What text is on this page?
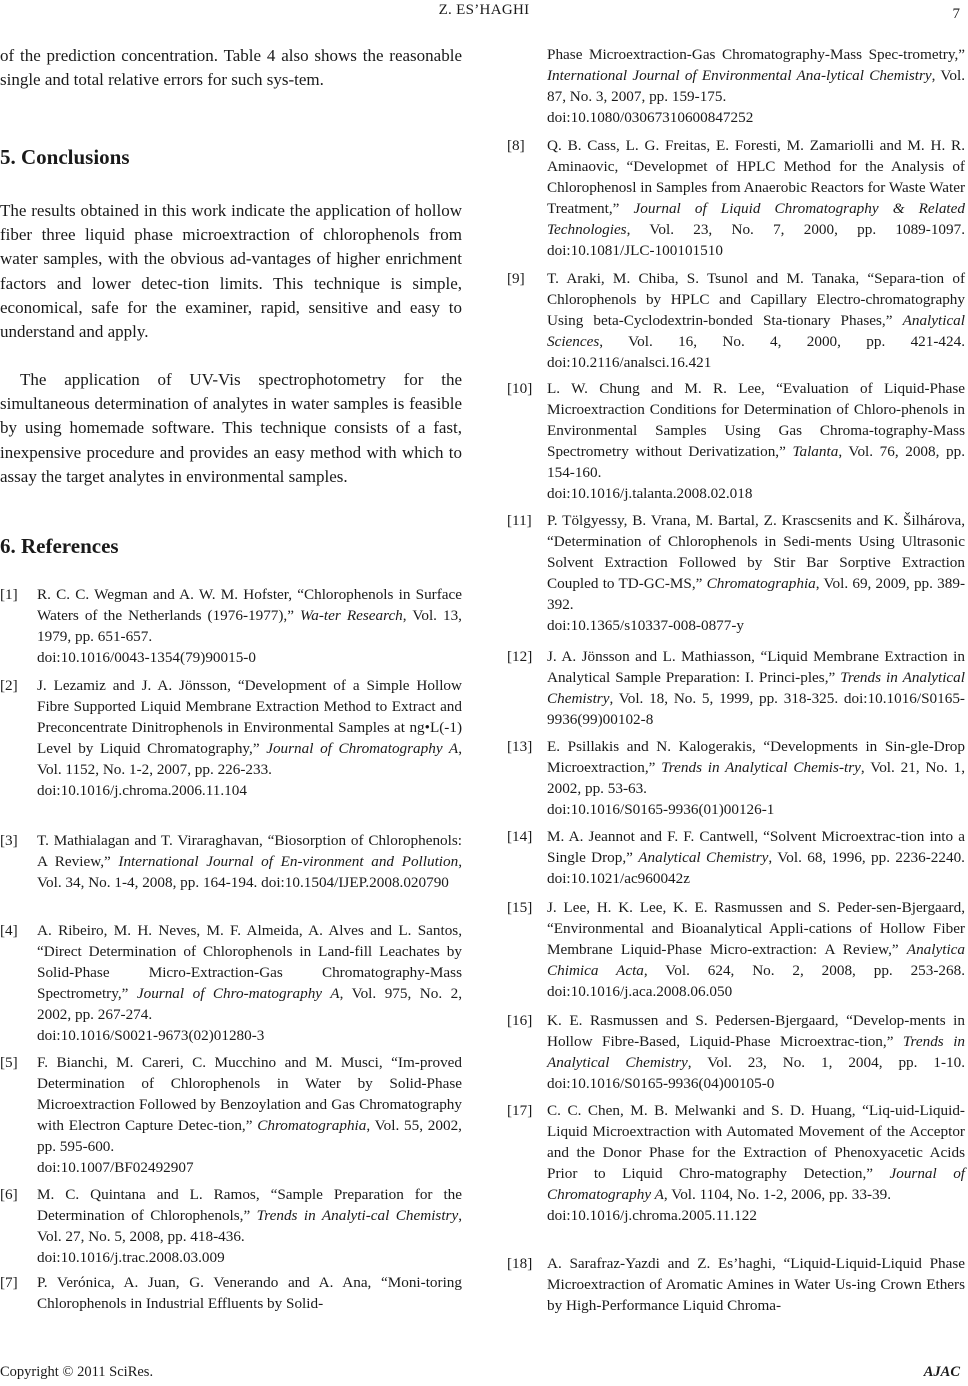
Z. ES’HAGHI	7

of the prediction concentration. Table 4 also shows the reasonable single and total relative errors for such sys-tem.

5. Conclusions

The results obtained in this work indicate the application of hollow fiber three liquid phase microextraction of chlorophenols from water samples, with the obvious ad-vantages of higher enrichment factors and lower detec-tion limits. This technique is simple, economical, safe for the examiner, rapid, sensitive and easy to understand and apply.

The application of UV-Vis spectrophotometry for the simultaneous determination of analytes in water samples is feasible by using homemade software. This technique consists of a fast, inexpensive procedure and provides an easy method with which to assay the target analytes in environmental samples.

6. References
[1] R. C. C. Wegman and A. W. M. Hofster, “Chlorophenols in Surface Waters of the Netherlands (1976-1977),” Wa-ter Research, Vol. 13, 1979, pp. 651-657.
doi:10.1016/0043-1354(79)90015-0
[2] J. Lezamiz and J. A. Jönsson, “Development of a Simple Hollow Fibre Supported Liquid Membrane Extraction Method to Extract and Preconcentrate Dinitrophenols in Environmental Samples at ng•L(-1) Level by Liquid Chromatography,” Journal of Chromatography A, Vol. 1152, No. 1-2, 2007, pp. 226-233.
doi:10.1016/j.chroma.2006.11.104
[3] T. Mathialagan and T. Viraraghavan, “Biosorption of Chlorophenols: A Review,” International Journal of En-vironment and Pollution, Vol. 34, No. 1-4, 2008, pp. 164-194. doi:10.1504/IJEP.2008.020790
[4] A. Ribeiro, M. H. Neves, M. F. Almeida, A. Alves and L. Santos, “Direct Determination of Chlorophenols in Land-fill Leachates by Solid-Phase Micro-Extraction-Gas Chromatography-Mass Spectrometry,” Journal of Chro-matography A, Vol. 975, No. 2, 2002, pp. 267-274.
doi:10.1016/S0021-9673(02)01280-3
[5] F. Bianchi, M. Careri, C. Mucchino and M. Musci, “Im-proved Determination of Chlorophenols in Water by Solid-Phase Microextraction Followed by Benzoylation and Gas Chromatography with Electron Capture Detec-tion,” Chromatographia, Vol. 55, 2002, pp. 595-600.
doi:10.1007/BF02492907
[6] M. C. Quintana and L. Ramos, “Sample Preparation for the Determination of Chlorophenols,” Trends in Analyti-cal Chemistry, Vol. 27, No. 5, 2008, pp. 418-436.
doi:10.1016/j.trac.2008.03.009
[7] P. Verónica, A. Juan, G. Venerando and A. Ana, “Moni-toring Chlorophenols in Industrial Effluents by Solid-
Phase Microextraction-Gas Chromatography-Mass Spec-trometry,” International Journal of Environmental Ana-lytical Chemistry, Vol. 87, No. 3, 2007, pp. 159-175.
doi:10.1080/03067310600847252
[8] Q. B. Cass, L. G. Freitas, E. Foresti, M. Zamariolli and M. H. R. Aminaovic, “Developmet of HPLC Method for the Analysis of Chlorophenosl in Samples from Anaerobic Reactors for Waste Water Treatment,” Journal of Liquid Chromatography & Related Technologies, Vol. 23, No. 7, 2000, pp. 1089-1097. doi:10.1081/JLC-100101510
[9] T. Araki, M. Chiba, S. Tsunol and M. Tanaka, “Separa-tion of Chlorophenols by HPLC and Capillary Electro-chromatography Using beta-Cyclodextrin-bonded Sta-tionary Phases,” Analytical Sciences, Vol. 16, No. 4, 2000, pp. 421-424. doi:10.2116/analsci.16.421
[10] L. W. Chung and M. R. Lee, “Evaluation of Liquid-Phase Microextraction Conditions for Determination of Chloro-phenols in Environmental Samples Using Gas Chroma-tography-Mass Spectrometry without Derivatization,” Talanta, Vol. 76, 2008, pp. 154-160.
doi:10.1016/j.talanta.2008.02.018
[11] P. Tölgyessy, B. Vrana, M. Bartal, Z. Krascsenits and K. Šilhárova, “Determination of Chlorophenols in Sedi-ments Using Ultrasonic Solvent Extraction Followed by Stir Bar Sorptive Extraction Coupled to TD-GC-MS,” Chromatographia, Vol. 69, 2009, pp. 389-392.
doi:10.1365/s10337-008-0877-y
[12] J. A. Jönsson and L. Mathiasson, “Liquid Membrane Extraction in Analytical Sample Preparation: I. Princi-ples,” Trends in Analytical Chemistry, Vol. 18, No. 5, 1999, pp. 318-325. doi:10.1016/S0165-9936(99)00102-8
[13] E. Psillakis and N. Kalogerakis, “Developments in Sin-gle-Drop Microextraction,” Trends in Analytical Chemis-try, Vol. 21, No. 1, 2002, pp. 53-63.
doi:10.1016/S0165-9936(01)00126-1
[14] M. A. Jeannot and F. F. Cantwell, “Solvent Microextrac-tion into a Single Drop,” Analytical Chemistry, Vol. 68, 1996, pp. 2236-2240. doi:10.1021/ac960042z
[15] J. Lee, H. K. Lee, K. E. Rasmussen and S. Peder-sen-Bjergaard, “Environmental and Bioanalytical Appli-cations of Hollow Fiber Membrane Liquid-Phase Micro-extraction: A Review,” Analytica Chimica Acta, Vol. 624, No. 2, 2008, pp. 253-268. doi:10.1016/j.aca.2008.06.050
[16] K. E. Rasmussen and S. Pedersen-Bjergaard, “Develop-ments in Hollow Fibre-Based, Liquid-Phase Microextrac-tion,” Trends in Analytical Chemistry, Vol. 23, No. 1, 2004, pp. 1-10. doi:10.1016/S0165-9936(04)00105-0
[17] C. C. Chen, M. B. Melwanki and S. D. Huang, “Liq-uid-Liquid-Liquid Microextraction with Automated Movement of the Acceptor and the Donor Phase for the Extraction of Phenoxyacetic Acids Prior to Liquid Chro-matography Detection,” Journal of Chromatography A, Vol. 1104, No. 1-2, 2006, pp. 33-39.
doi:10.1016/j.chroma.2005.11.122
[18] A. Sarafraz-Yazdi and Z. Es’haghi, “Liquid-Liquid-Liquid Phase Microextraction of Aromatic Amines in Water Us-ing Crown Ethers by High-Performance Liquid Chroma-
Copyright © 2011 SciRes.	AJAC
